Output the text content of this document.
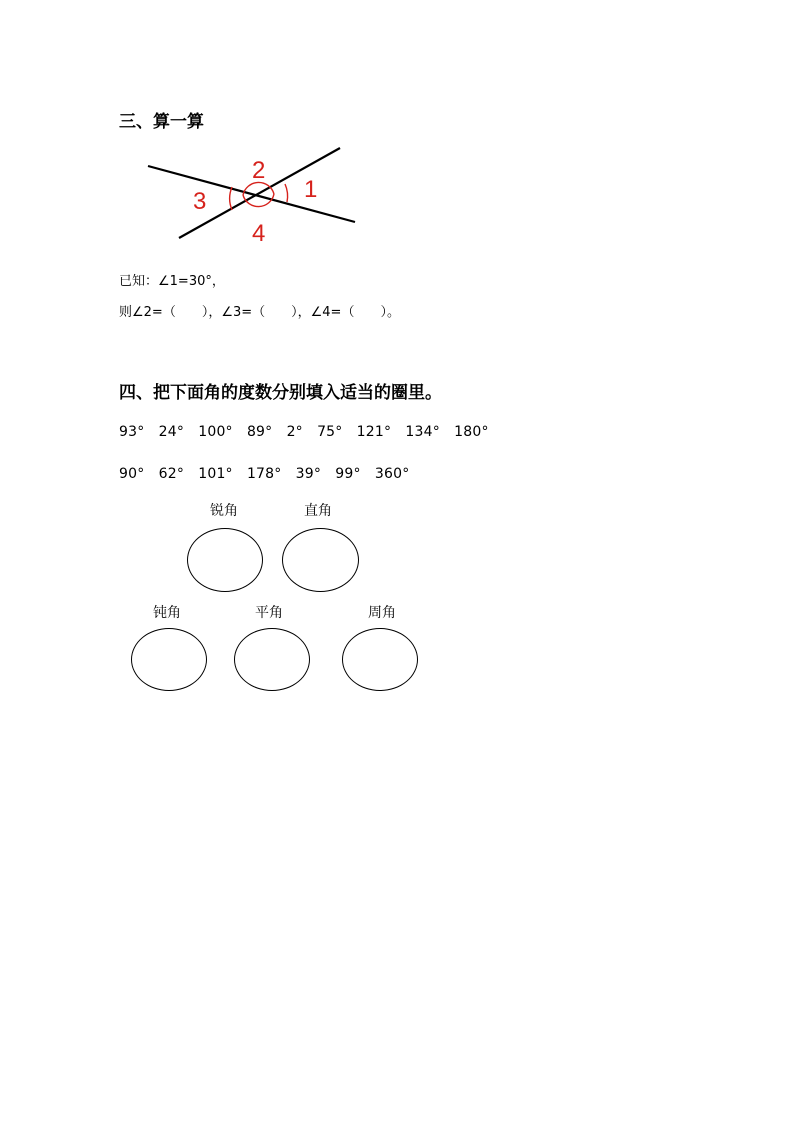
三、算一算
2
1
3
4
已知：∠1=30°，
则∠2=（　　），∠3=（　　），∠4=（　　）。
四、把下面角的度数分别填入适当的圈里。
93°　24°　100°　89°　2°　75°　121°　134°　180°
90°　62°　101°　178°　39°　99°　360°
锐角	直角
钝角	平角	周角
